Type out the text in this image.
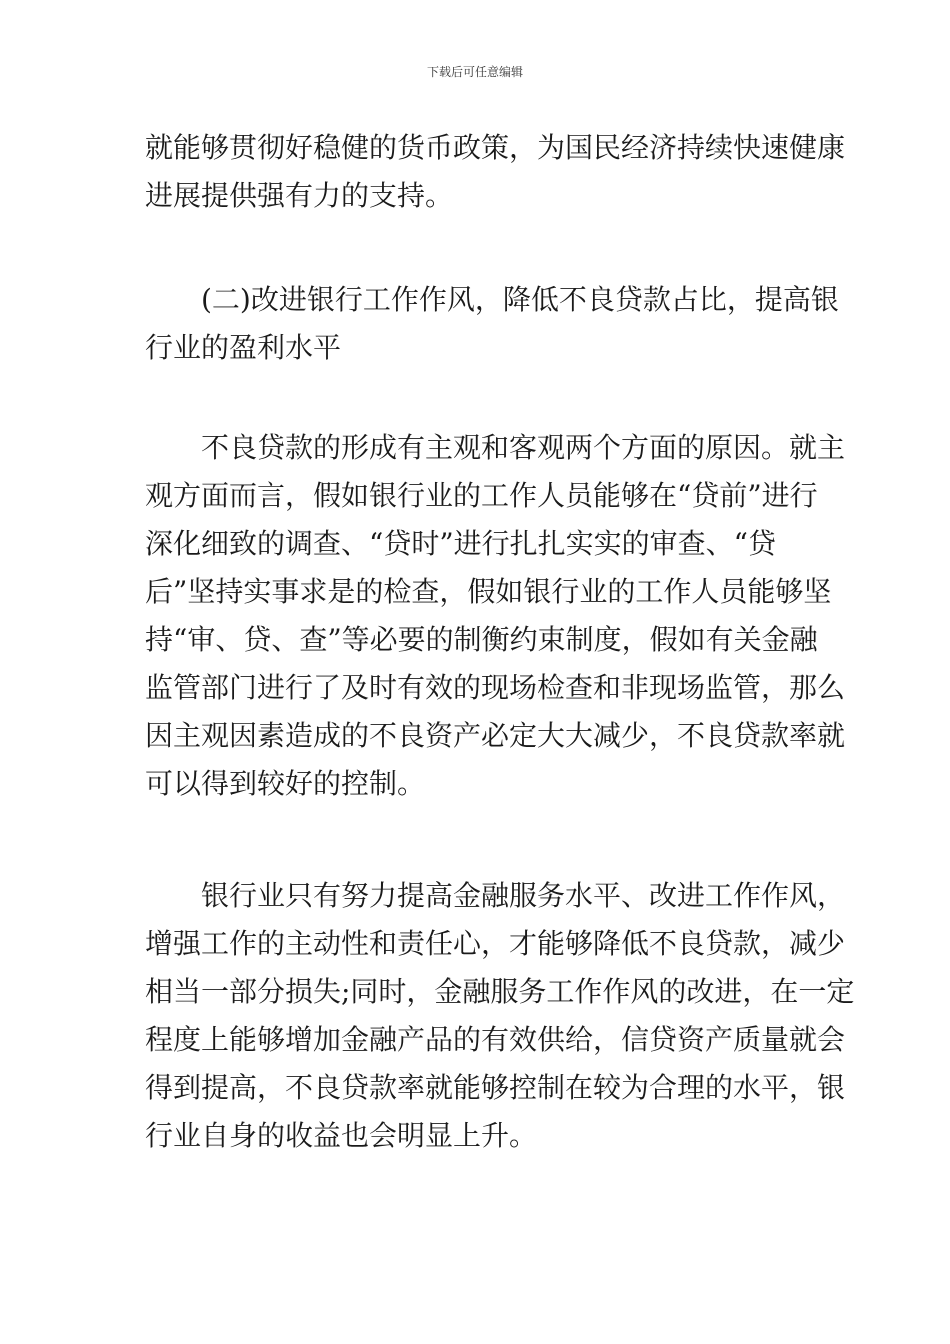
下载后可任意编辑
就能够贯彻好稳健的货币政策，为国民经济持续快速健康
进展提供强有力的支持。
　　(二)改进银行工作作风，降低不良贷款占比，提高银
行业的盈利水平
　　不良贷款的形成有主观和客观两个方面的原因。就主
观方面而言，假如银行业的工作人员能够在“贷前”进行
深化细致的调查、“贷时”进行扎扎实实的审查、“贷
后”坚持实事求是的检查，假如银行业的工作人员能够坚
持“审、贷、查”等必要的制衡约束制度，假如有关金融
监管部门进行了及时有效的现场检查和非现场监管，那么
因主观因素造成的不良资产必定大大减少，不良贷款率就
可以得到较好的控制。
　　银行业只有努力提高金融服务水平、改进工作作风，
增强工作的主动性和责任心，才能够降低不良贷款，减少
相当一部分损失;同时，金融服务工作作风的改进，在一定
程度上能够增加金融产品的有效供给，信贷资产质量就会
得到提高，不良贷款率就能够控制在较为合理的水平，银
行业自身的收益也会明显上升。
